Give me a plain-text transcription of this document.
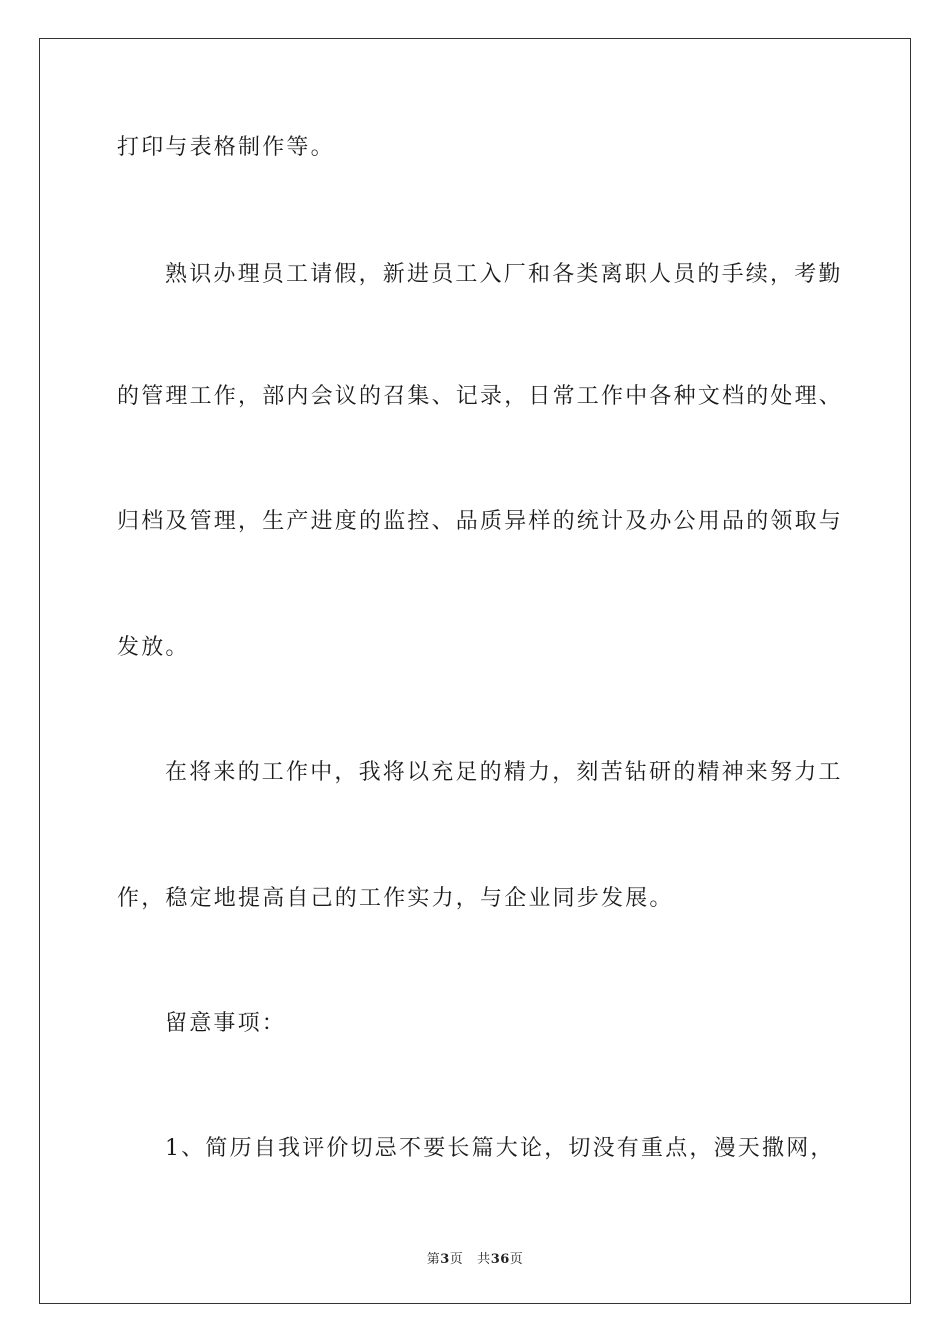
打印与表格制作等。
熟识办理员工请假，新进员工入厂和各类离职人员的手续，考勤
的管理工作，部内会议的召集、记录，日常工作中各种文档的处理、
归档及管理，生产进度的监控、品质异样的统计及办公用品的领取与
发放。
在将来的工作中，我将以充足的精力，刻苦钻研的精神来努力工
作，稳定地提高自己的工作实力，与企业同步发展。
留意事项：
1、简历自我评价切忌不要长篇大论，切没有重点，漫天撒网，
第3页 共36页
